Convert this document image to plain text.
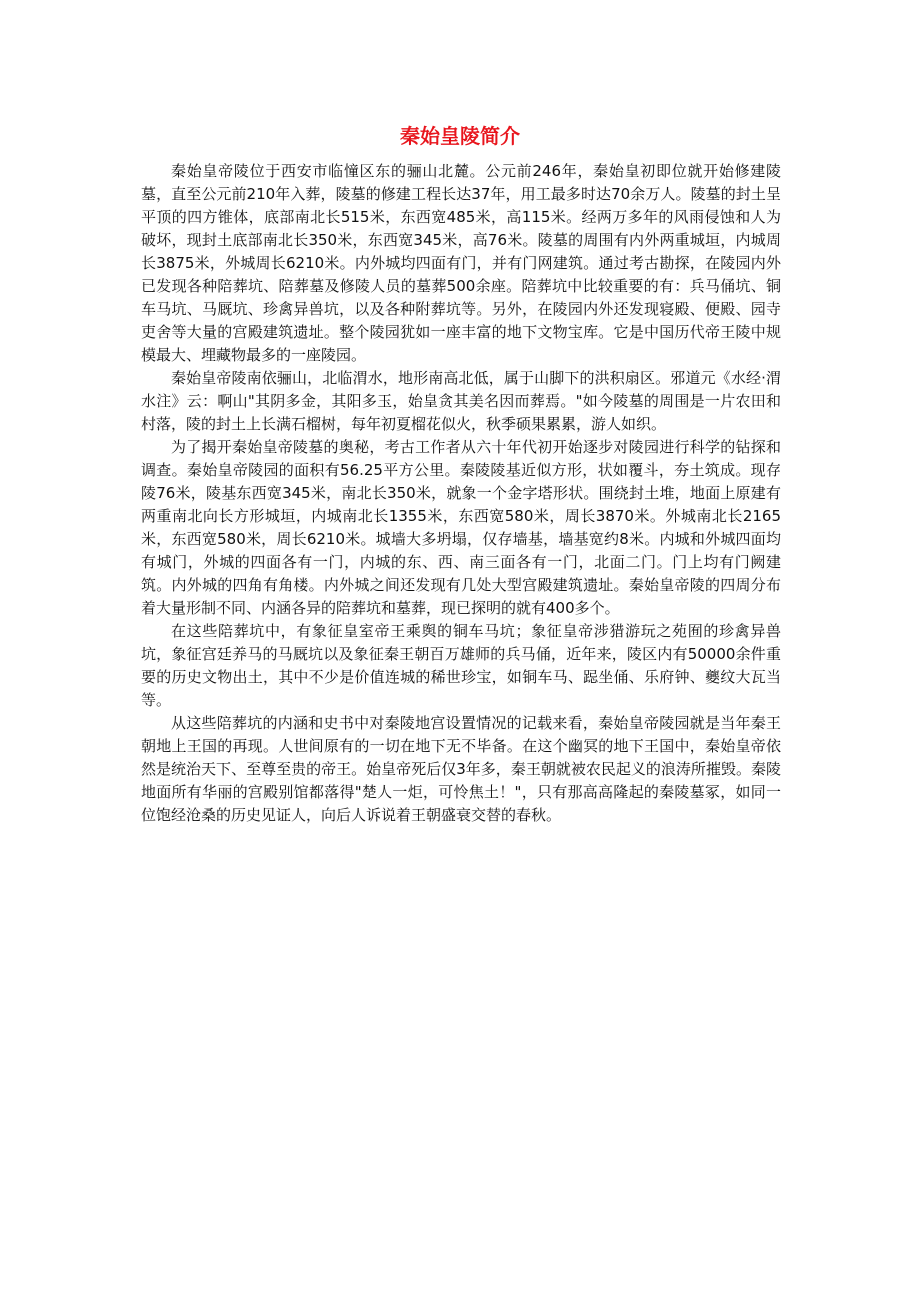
秦始皇陵简介

秦始皇帝陵位于西安市临憧区东的骊山北麓。公元前246年，秦始皇初即位就开始修建陵墓，直至公元前210年入葬，陵墓的修建工程长达37年，用工最多时达70余万人。陵墓的封土呈平顶的四方锥体，底部南北长515米，东西宽485米，高115米。经两万多年的风雨侵蚀和人为破坏，现封土底部南北长350米，东西宽345米，高76米。陵墓的周围有内外两重城垣，内城周长3875米，外城周长6210米。内外城均四面有门，并有门网建筑。通过考古勘探，在陵园内外已发现各种陪葬坑、陪葬墓及修陵人员的墓葬500余座。陪葬坑中比较重要的有：兵马俑坑、铜车马坑、马厩坑、珍禽异兽坑，以及各种附葬坑等。另外，在陵园内外还发现寝殿、便殿、园寺吏舍等大量的宫殿建筑遗址。整个陵园犹如一座丰富的地下文物宝库。它是中国历代帝王陵中规模最大、埋藏物最多的一座陵园。

秦始皇帝陵南依骊山，北临渭水，地形南高北低，属于山脚下的洪积扇区。邪道元《水经·渭水注》云：啊山"其阴多金，其阳多玉，始皇贪其美名因而葬焉。"如今陵墓的周围是一片农田和村落，陵的封土上长满石榴树，每年初夏榴花似火，秋季硕果累累，游人如织。

为了揭开秦始皇帝陵墓的奥秘，考古工作者从六十年代初开始逐步对陵园进行科学的钻探和调查。秦始皇帝陵园的面积有56.25平方公里。秦陵陵基近似方形，状如覆斗，夯土筑成。现存陵76米，陵基东西宽345米，南北长350米，就象一个金字塔形状。围绕封土堆，地面上原建有两重南北向长方形城垣，内城南北长1355米，东西宽580米，周长3870米。外城南北长2165米，东西宽580米，周长6210米。城墙大多坍塌，仅存墙基，墙基宽约8米。内城和外城四面均有城门，外城的四面各有一门，内城的东、西、南三面各有一门，北面二门。门上均有门阙建筑。内外城的四角有角楼。内外城之间还发现有几处大型宫殿建筑遗址。秦始皇帝陵的四周分布着大量形制不同、内涵各异的陪葬坑和墓葬，现已探明的就有400多个。

在这些陪葬坑中，有象征皇室帝王乘舆的铜车马坑；象征皇帝涉猎游玩之苑囿的珍禽异兽坑，象征宫廷养马的马厩坑以及象征秦王朝百万雄师的兵马俑，近年来，陵区内有50000余件重要的历史文物出土，其中不少是价值连城的稀世珍宝，如铜车马、跽坐俑、乐府钟、夔纹大瓦当等。

从这些陪葬坑的内涵和史书中对秦陵地宫设置情况的记载来看，秦始皇帝陵园就是当年秦王朝地上王国的再现。人世间原有的一切在地下无不毕备。在这个幽冥的地下王国中，秦始皇帝依然是统治天下、至尊至贵的帝王。始皇帝死后仅3年多，秦王朝就被农民起义的浪涛所摧毁。秦陵地面所有华丽的宫殿别馆都落得"楚人一炬，可怜焦土！"，只有那高高隆起的秦陵墓冢，如同一位饱经沧桑的历史见证人，向后人诉说着王朝盛衰交替的春秋。
